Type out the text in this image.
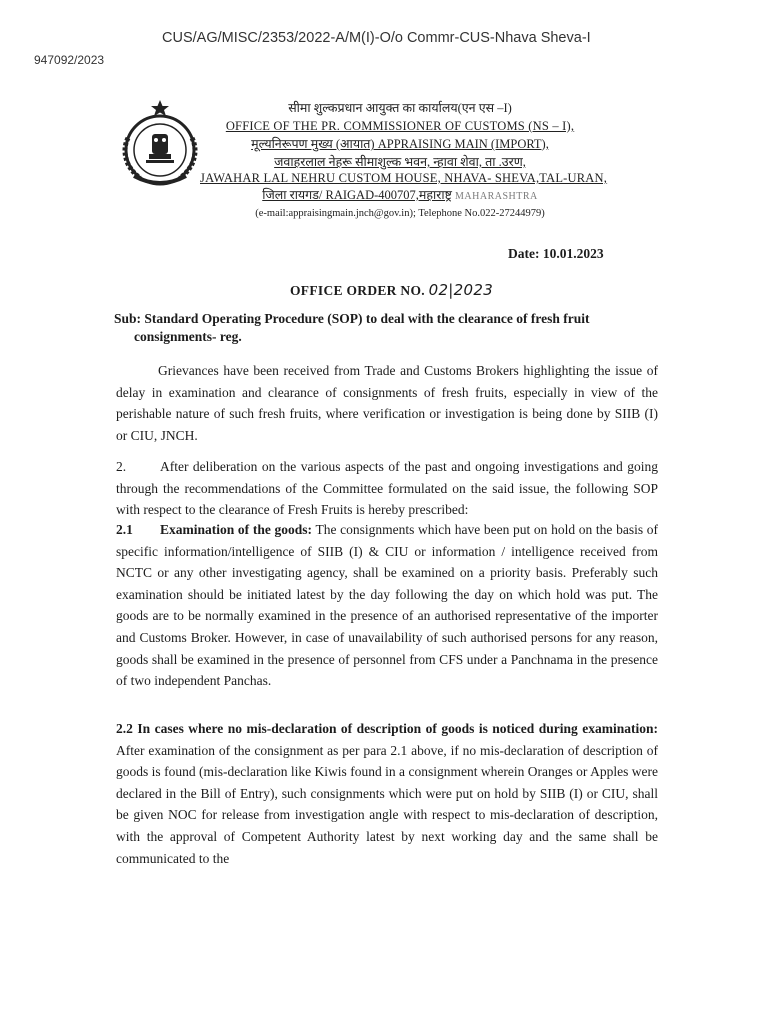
CUS/AG/MISC/2353/2022-A/M(I)-O/o Commr-CUS-Nhava Sheva-I
947092/2023
सीमा शुल्कप्रधान आयुक्त का कार्यालय(एन एस –I)
OFFICE OF THE PR. COMMISSIONER OF CUSTOMS (NS – I),
मूल्यनिरूपण मुख्य (आयात) APPRAISING MAIN (IMPORT),
जवाहरलाल नेहरू सीमाशुल्क भवन, न्हावा शेवा, ता .उरण,
JAWAHAR LAL NEHRU CUSTOM HOUSE, NHAVA- SHEVA,TAL-URAN,
जिला रायगड/ RAIGAD-400707,महाराष्ट्र MAHARASHTRA
(e-mail:appraisingmain.jnch@gov.in); Telephone No.022-27244979)
Date: 10.01.2023
OFFICE ORDER NO. 02|2023
Sub: Standard Operating Procedure (SOP) to deal with the clearance of fresh fruit
consignments- reg.
Grievances have been received from Trade and Customs Brokers highlighting the issue of delay in examination and clearance of consignments of fresh fruits, especially in view of the perishable nature of such fresh fruits, where verification or investigation is being done by SIIB (I) or CIU, JNCH.
2.	After deliberation on the various aspects of the past and ongoing investigations and going through the recommendations of the Committee formulated on the said issue, the following SOP with respect to the clearance of Fresh Fruits is hereby prescribed:
2.1 Examination of the goods: The consignments which have been put on hold on the basis of specific information/intelligence of SIIB (I) & CIU or information / intelligence received from NCTC or any other investigating agency, shall be examined on a priority basis. Preferably such examination should be initiated latest by the day following the day on which hold was put. The goods are to be normally examined in the presence of an authorised representative of the importer and Customs Broker. However, in case of unavailability of such authorised persons for any reason, goods shall be examined in the presence of personnel from CFS under a Panchnama in the presence of two independent Panchas.
2.2 In cases where no mis-declaration of description of goods is noticed during examination: After examination of the consignment as per para 2.1 above, if no mis-declaration of description of goods is found (mis-declaration like Kiwis found in a consignment wherein Oranges or Apples were declared in the Bill of Entry), such consignments which were put on hold by SIIB (I) or CIU, shall be given NOC for release from investigation angle with respect to mis-declaration of description, with the approval of Competent Authority latest by next working day and the same shall be communicated to the
